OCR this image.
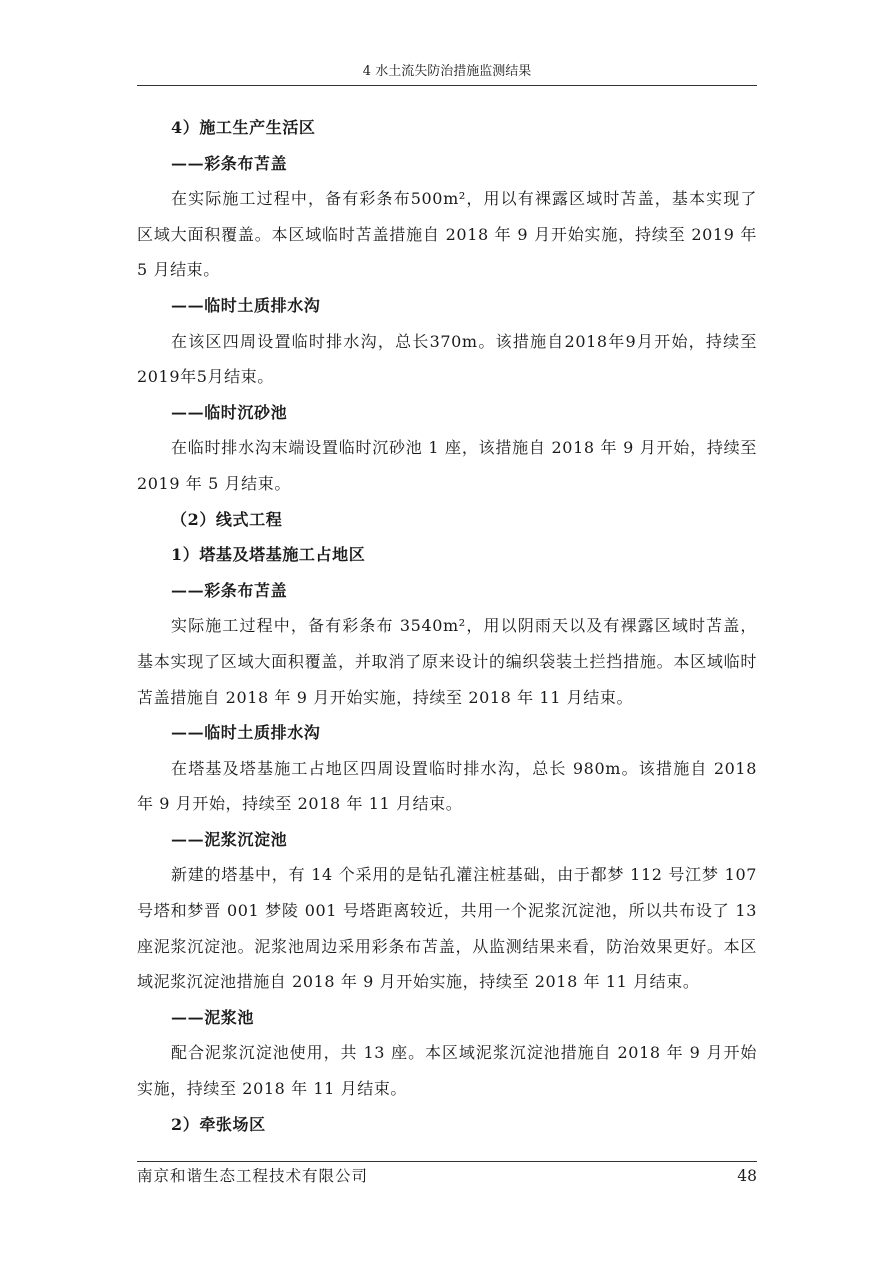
4 水土流失防治措施监测结果

4）施工生产生活区

——彩条布苫盖

在实际施工过程中，备有彩条布500m²，用以有裸露区域时苫盖，基本实现了区域大面积覆盖。本区域临时苫盖措施自 2018 年 9 月开始实施，持续至 2019 年 5 月结束。

——临时土质排水沟

在该区四周设置临时排水沟，总长370m。该措施自2018年9月开始，持续至2019年5月结束。

——临时沉砂池

在临时排水沟末端设置临时沉砂池 1 座，该措施自 2018 年 9 月开始，持续至 2019 年 5 月结束。

（2）线式工程

1）塔基及塔基施工占地区

——彩条布苫盖

实际施工过程中，备有彩条布 3540m²，用以阴雨天以及有裸露区域时苫盖，基本实现了区域大面积覆盖，并取消了原来设计的编织袋装土拦挡措施。本区域临时苫盖措施自 2018 年 9 月开始实施，持续至 2018 年 11 月结束。

——临时土质排水沟

在塔基及塔基施工占地区四周设置临时排水沟，总长 980m。该措施自 2018 年 9 月开始，持续至 2018 年 11 月结束。

——泥浆沉淀池

新建的塔基中，有 14 个采用的是钻孔灌注桩基础，由于都梦 112 号江梦 107 号塔和梦晋 001 梦陵 001 号塔距离较近，共用一个泥浆沉淀池，所以共布设了 13 座泥浆沉淀池。泥浆池周边采用彩条布苫盖，从监测结果来看，防治效果更好。本区域泥浆沉淀池措施自 2018 年 9 月开始实施，持续至 2018 年 11 月结束。

——泥浆池

配合泥浆沉淀池使用，共 13 座。本区域泥浆沉淀池措施自 2018 年 9 月开始实施，持续至 2018 年 11 月结束。

2）牵张场区

南京和谐生态工程技术有限公司	48
